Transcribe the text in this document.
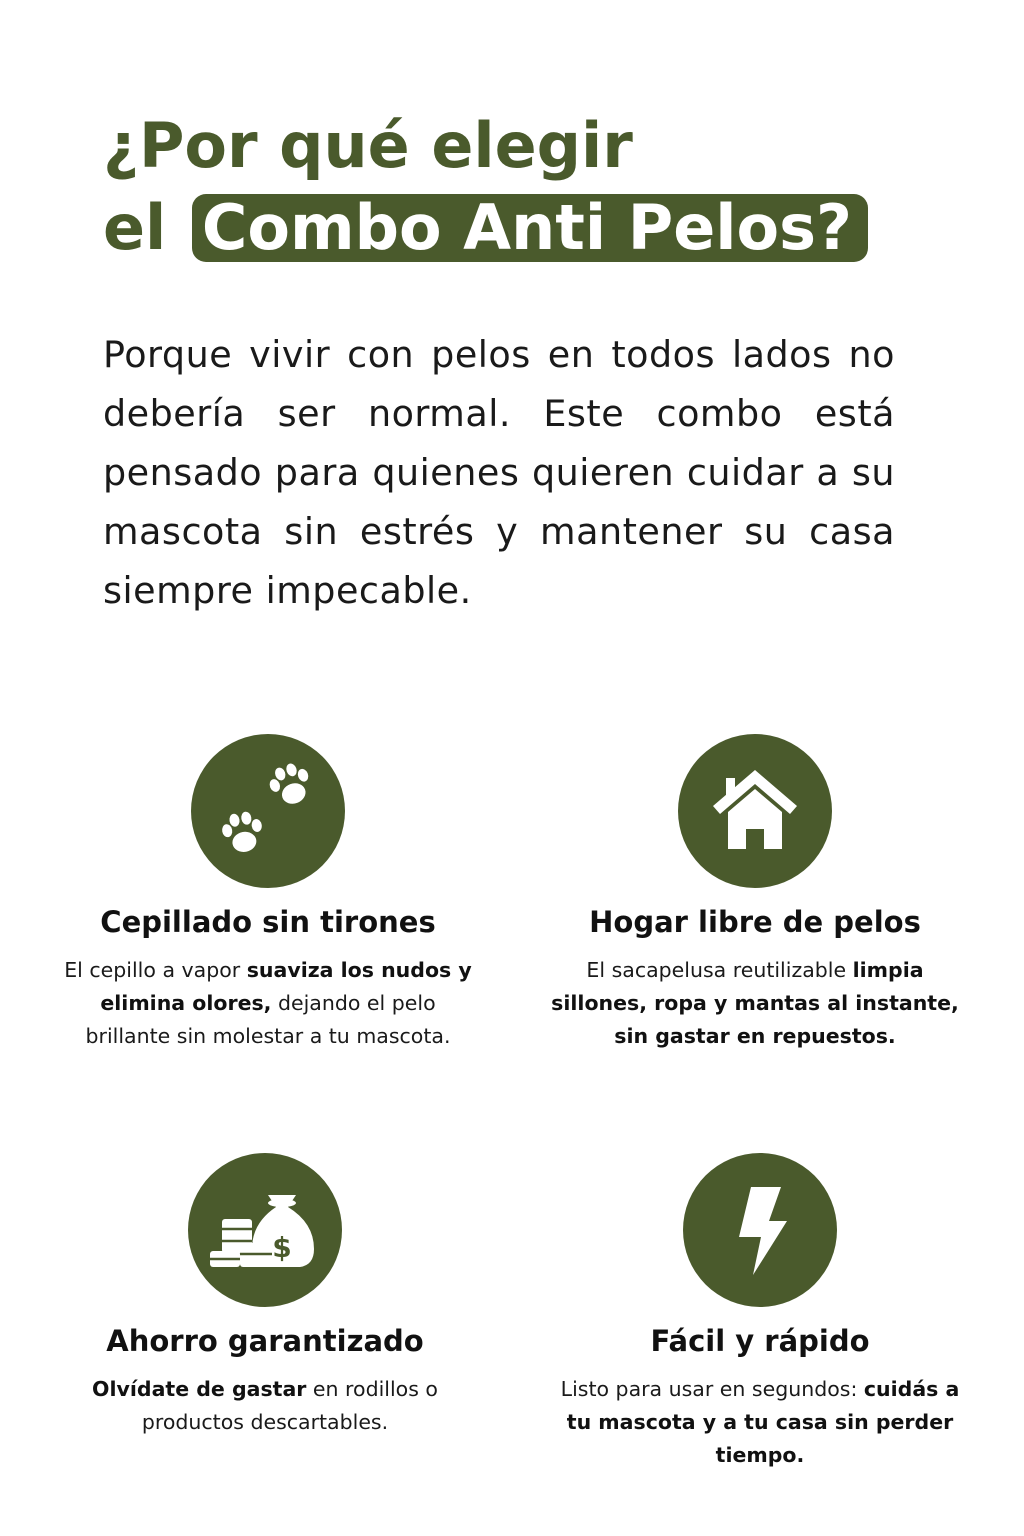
¿Por qué elegir
el Combo Anti Pelos?

Porque vivir con pelos en todos lados no debería ser normal. Este combo está pensado para quienes quieren cuidar a su mascota sin estrés y mantener su casa siempre impecable.

Cepillado sin tirones

El cepillo a vapor suaviza los nudos y elimina olores, dejando el pelo brillante sin molestar a tu mascota.

Hogar libre de pelos

El sacapelusa reutilizable limpia sillones, ropa y mantas al instante, sin gastar en repuestos.

$
Ahorro garantizado

Olvídate de gastar en rodillos o productos descartables.

Fácil y rápido

Listo para usar en segundos: cuidás a tu mascota y a tu casa sin perder tiempo.
